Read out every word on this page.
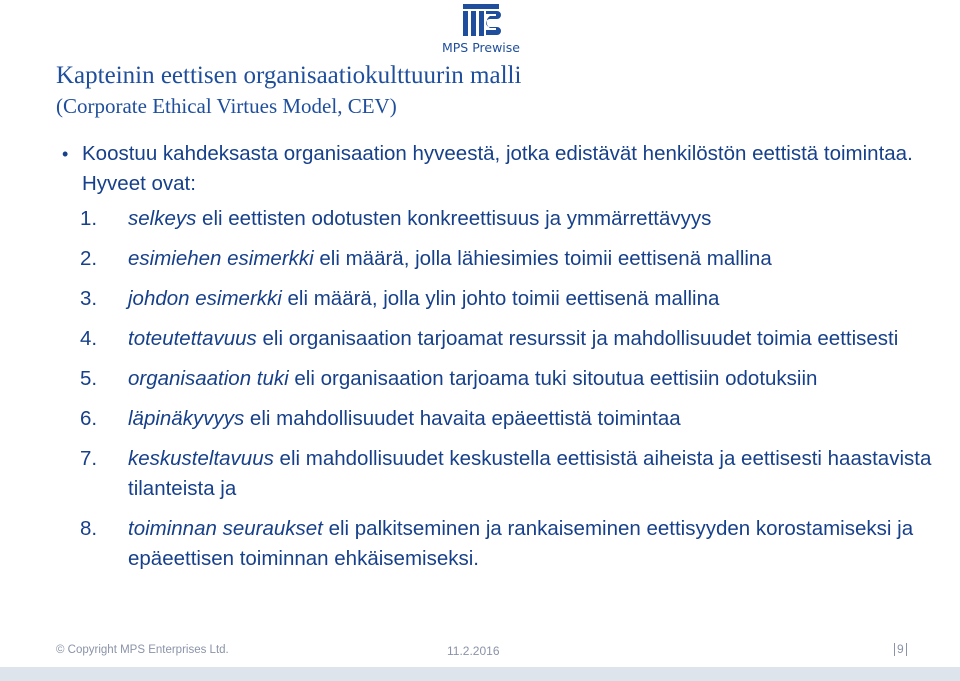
MPS Prewise
Kapteinin eettisen organisaatiokulttuurin malli
(Corporate Ethical Virtues Model, CEV)
• Koostuu kahdeksasta organisaation hyveestä, jotka edistävät henkilöstön eettistä toimintaa. Hyveet ovat:
1. selkeys eli eettisten odotusten konkreettisuus ja ymmärrettävyys
2. esimiehen esimerkki eli määrä, jolla lähiesimies toimii eettisenä mallina
3. johdon esimerkki eli määrä, jolla ylin johto toimii eettisenä mallina
4. toteutettavuus eli organisaation tarjoamat resurssit ja mahdollisuudet toimia eettisesti
5. organisaation tuki eli organisaation tarjoama tuki sitoutua eettisiin odotuksiin
6. läpinäkyvyys eli mahdollisuudet havaita epäeettistä toimintaa
7. keskusteltavuus eli mahdollisuudet keskustella eettisistä aiheista ja eettisesti haastavista tilanteista ja
8. toiminnan seuraukset eli palkitseminen ja rankaiseminen eettisyyden korostamiseksi ja epäeettisen toiminnan ehkäisemiseksi.
© Copyright MPS Enterprises Ltd.	11.2.2016	9
